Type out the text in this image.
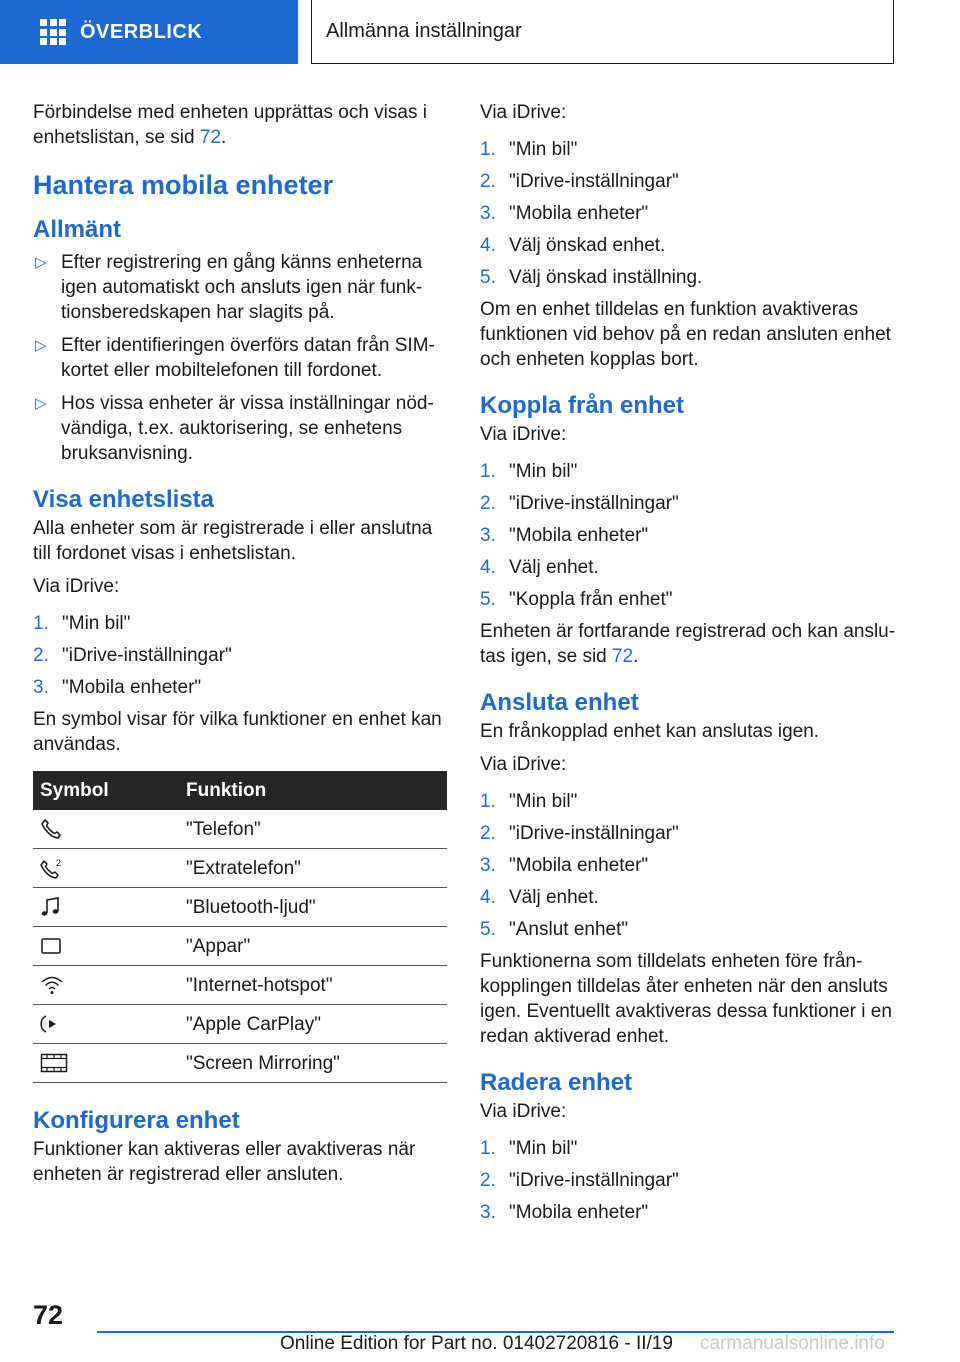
ÖVERBLICK	Allmänna inställningar

Förbindelse med enheten upprättas och visas i enhetslistan, se sid 72.

Hantera mobila enheter
Allmänt
▷ Efter registrering en gång känns enheterna igen automatiskt och ansluts igen när funktionsberedskapen har slagits på.
▷ Efter identifieringen överförs datan från SIM-kortet eller mobiltelefonen till fordonet.
▷ Hos vissa enheter är vissa inställningar nödvändiga, t.ex. auktorisering, se enhetens bruksanvisning.
Visa enhetslista

Alla enheter som är registrerade i eller anslutna till fordonet visas i enhetslistan.

Via iDrive:

1. "Min bil"
2. "iDrive-inställningar"
3. "Mobila enheter"

En symbol visar för vilka funktioner en enhet kan användas.

Symbol	Funktion

	"Telefon"

2	"Extratelefon"

	"Bluetooth-ljud"

	"Appar"

	"Internet-hotspot"

	"Apple CarPlay"

	"Screen Mirroring"
Konfigurera enhet

Funktioner kan aktiveras eller avaktiveras när enheten är registrerad eller ansluten.

Via iDrive:

1. "Min bil"
2. "iDrive-inställningar"
3. "Mobila enheter"
4. Välj önskad enhet.
5. Välj önskad inställning.

Om en enhet tilldelas en funktion avaktiveras funktionen vid behov på en redan ansluten enhet och enheten kopplas bort.

Koppla från enhet

Via iDrive:

1. "Min bil"
2. "iDrive-inställningar"
3. "Mobila enheter"
4. Välj enhet.
5. "Koppla från enhet"

Enheten är fortfarande registrerad och kan anslutas igen, se sid 72.

Ansluta enhet

En frånkopplad enhet kan anslutas igen.

Via iDrive:

1. "Min bil"
2. "iDrive-inställningar"
3. "Mobila enheter"
4. Välj enhet.
5. "Anslut enhet"

Funktionerna som tilldelats enheten före frånkopplingen tilldelas åter enheten när den ansluts igen. Eventuellt avaktiveras dessa funktioner i en redan aktiverad enhet.

Radera enhet

Via iDrive:

1. "Min bil"
2. "iDrive-inställningar"
3. "Mobila enheter"
72
Online Edition for Part no. 01402720816 - II/19 carmanualsonline.info
